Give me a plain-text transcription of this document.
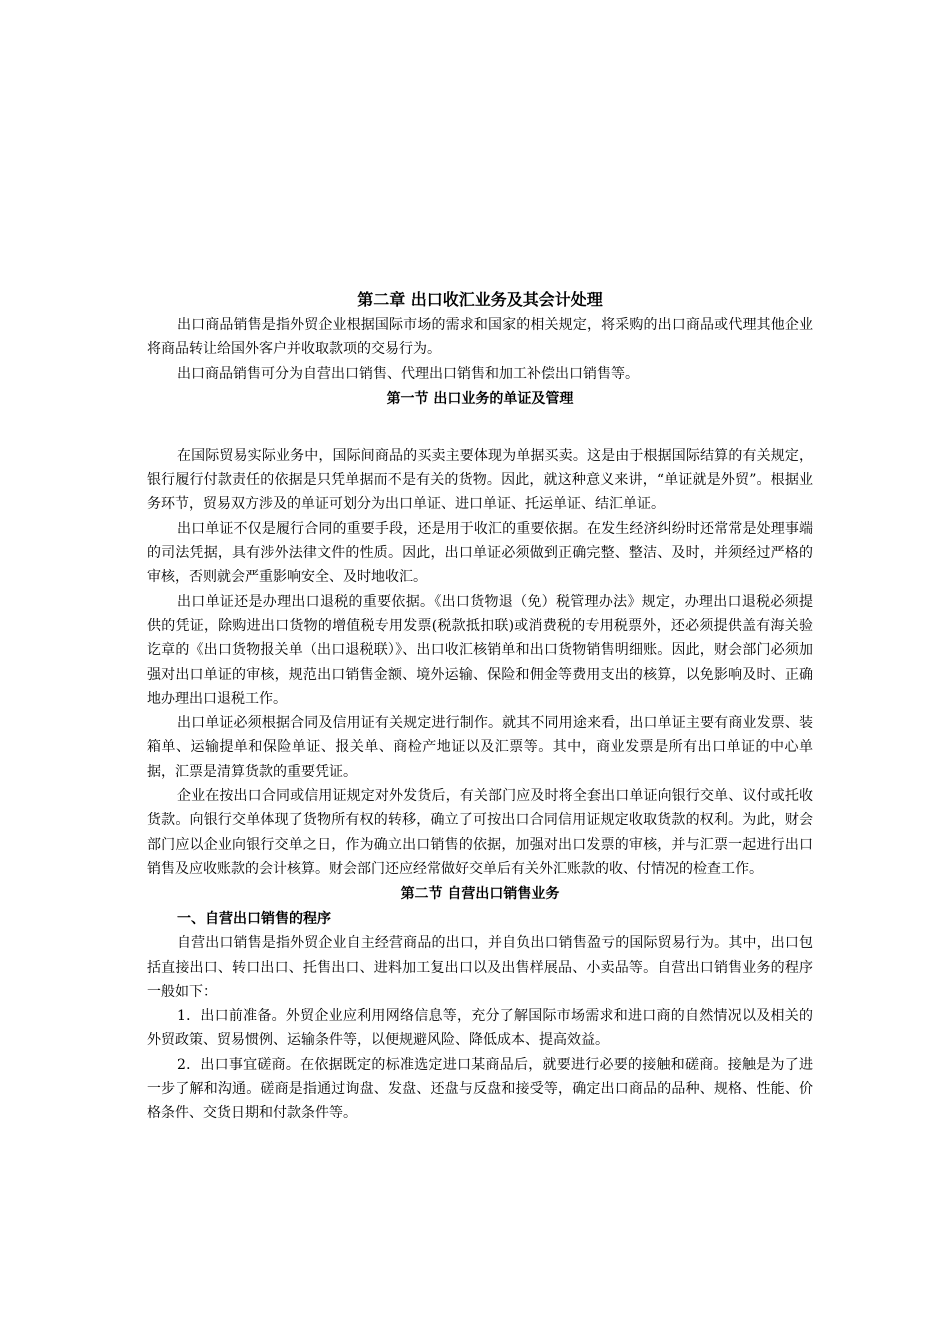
第二章 出口收汇业务及其会计处理

出口商品销售是指外贸企业根据国际市场的需求和国家的相关规定，将采购的出口商品或代理其他企业将商品转让给国外客户并收取款项的交易行为。

出口商品销售可分为自营出口销售、代理出口销售和加工补偿出口销售等。

第一节 出口业务的单证及管理

在国际贸易实际业务中，国际间商品的买卖主要体现为单据买卖。这是由于根据国际结算的有关规定，银行履行付款责任的依据是只凭单据而不是有关的货物。因此，就这种意义来讲，“单证就是外贸”。根据业务环节，贸易双方涉及的单证可划分为出口单证、进口单证、托运单证、结汇单证。

出口单证不仅是履行合同的重要手段，还是用于收汇的重要依据。在发生经济纠纷时还常常是处理事端的司法凭据，具有涉外法律文件的性质。因此，出口单证必须做到正确完整、整洁、及时，并须经过严格的审核，否则就会严重影响安全、及时地收汇。

出口单证还是办理出口退税的重要依据。《出口货物退（免）税管理办法》规定，办理出口退税必须提供的凭证，除购进出口货物的增值税专用发票(税款抵扣联)或消费税的专用税票外，还必须提供盖有海关验讫章的《出口货物报关单（出口退税联）》、出口收汇核销单和出口货物销售明细账。因此，财会部门必须加强对出口单证的审核，规范出口销售金额、境外运输、保险和佣金等费用支出的核算，以免影响及时、正确地办理出口退税工作。

出口单证必须根据合同及信用证有关规定进行制作。就其不同用途来看，出口单证主要有商业发票、装箱单、运输提单和保险单证、报关单、商检产地证以及汇票等。其中，商业发票是所有出口单证的中心单据，汇票是清算货款的重要凭证。

企业在按出口合同或信用证规定对外发货后，有关部门应及时将全套出口单证向银行交单、议付或托收货款。向银行交单体现了货物所有权的转移，确立了可按出口合同信用证规定收取货款的权利。为此，财会部门应以企业向银行交单之日，作为确立出口销售的依据，加强对出口发票的审核，并与汇票一起进行出口销售及应收账款的会计核算。财会部门还应经常做好交单后有关外汇账款的收、付情况的检查工作。

第二节 自营出口销售业务
一、自营出口销售的程序

自营出口销售是指外贸企业自主经营商品的出口，并自负出口销售盈亏的国际贸易行为。其中，出口包括直接出口、转口出口、托售出口、进料加工复出口以及出售样展品、小卖品等。自营出口销售业务的程序一般如下：

1．出口前准备。外贸企业应利用网络信息等，充分了解国际市场需求和进口商的自然情况以及相关的外贸政策、贸易惯例、运输条件等，以便规避风险、降低成本、提高效益。

2．出口事宜磋商。在依据既定的标准选定进口某商品后，就要进行必要的接触和磋商。接触是为了进一步了解和沟通。磋商是指通过询盘、发盘、还盘与反盘和接受等，确定出口商品的品种、规格、性能、价格条件、交货日期和付款条件等。
